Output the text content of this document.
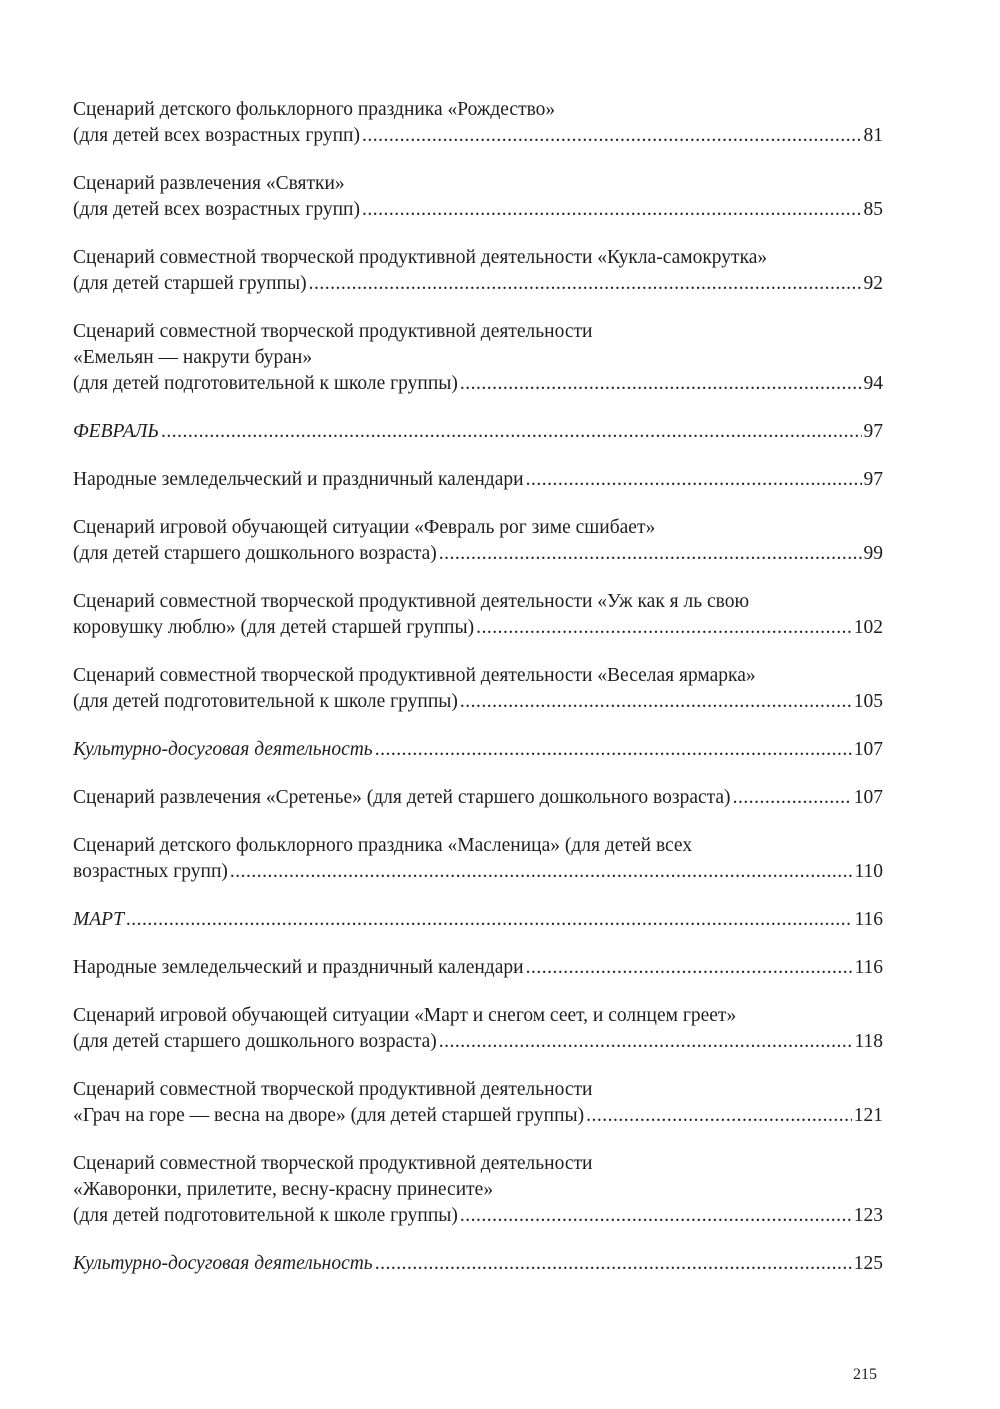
Сценарий детского фольклорного праздника «Рождество»
(для детей всех возрастных групп) .....	81
Сценарий развлечения «Святки»
(для детей всех возрастных групп) .....	85
Сценарий совместной творческой продуктивной деятельности «Кукла-самокрутка»
(для детей старшей группы) .....	92
Сценарий совместной творческой продуктивной деятельности
«Емельян — накрути буран»
(для детей подготовительной к школе группы) .....	94
ФЕВРАЛЬ .....	97
Народные земледельческий и праздничный календари .....	97
Сценарий игровой обучающей ситуации «Февраль рог зиме сшибает»
(для детей старшего дошкольного возраста) .....	99
Сценарий совместной творческой продуктивной деятельности «Уж как я ль свою
коровушку люблю» (для детей старшей группы) .....	102
Сценарий совместной творческой продуктивной деятельности «Веселая ярмарка»
(для детей подготовительной к школе группы) .....	105
Культурно-досуговая деятельность .....	107
Сценарий развлечения «Сретенье» (для детей старшего дошкольного возраста) .....	107
Сценарий детского фольклорного праздника «Масленица» (для детей всех
возрастных групп) .....	110
МАРТ .....	116
Народные земледельческий и праздничный календари .....	116
Сценарий игровой обучающей ситуации «Март и снегом сеет, и солнцем греет»
(для детей старшего дошкольного возраста) .....	118
Сценарий совместной творческой продуктивной деятельности
«Грач на горе — весна на дворе» (для детей старшей группы) .....	121
Сценарий совместной творческой продуктивной деятельности
«Жаворонки, прилетите, весну-красну принесите»
(для детей подготовительной к школе группы) .....	123
Культурно-досуговая деятельность .....	125
215
